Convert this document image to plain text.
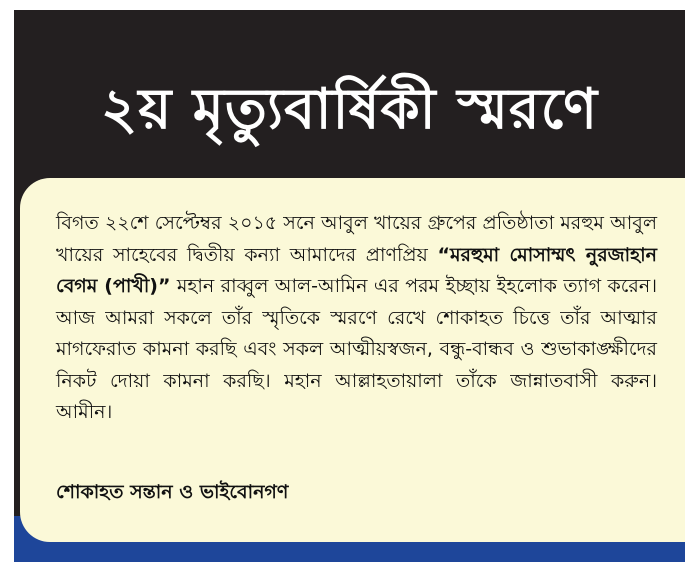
২য় মৃত্যুবার্ষিকী স্মরণে

বিগত ২২শে সেপ্টেম্বর ২০১৫ সনে আবুল খায়ের গ্রুপের প্রতিষ্ঠাতা মরহুম আবুল খায়ের সাহেবের দ্বিতীয় কন্যা আমাদের প্রাণপ্রিয় “মরহুমা মোসাম্মৎ নুরজাহান বেগম (পাখী)” মহান রাব্বুল আল-আমিন এর পরম ইচ্ছায় ইহলোক ত্যাগ করেন। আজ আমরা সকলে তাঁর স্মৃতিকে স্মরণে রেখে শোকাহত চিত্তে তাঁর আত্মার মাগফেরাত কামনা করছি এবং সকল আত্মীয়স্বজন, বন্ধু-বান্ধব ও শুভাকাঙ্ক্ষীদের নিকট দোয়া কামনা করছি। মহান আল্লাহতায়ালা তাঁকে জান্নাতবাসী করুন। আমীন।

শোকাহত সন্তান ও ভাইবোনগণ
